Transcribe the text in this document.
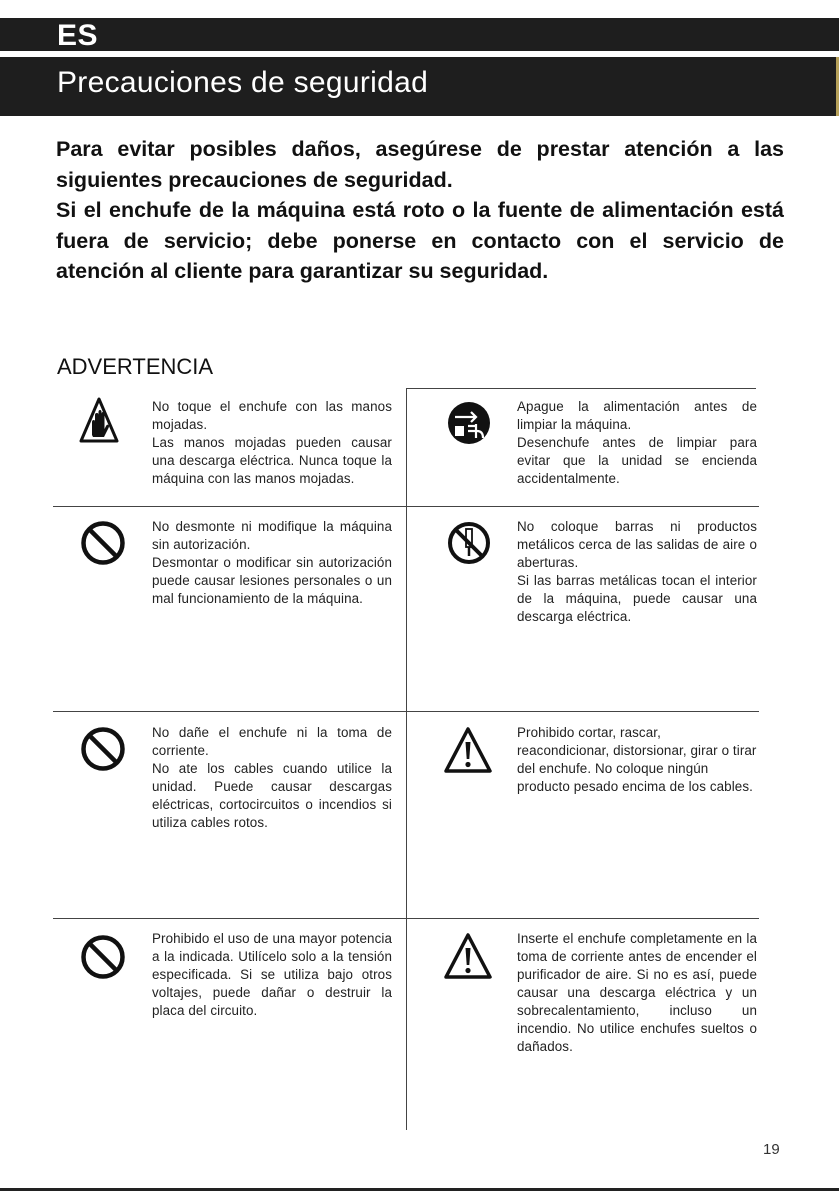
ES
Precauciones de seguridad

Para evitar posibles daños, asegúrese de prestar atención a las siguientes precauciones de seguridad.

Si el enchufe de la máquina está roto o la fuente de alimentación está fuera de servicio; debe ponerse en contacto con el servicio de atención al cliente para garantizar su seguridad.

ADVERTENCIA

No toque el enchufe con las manos mojadas.

Las manos mojadas pueden causar una descarga eléctrica. Nunca toque la máquina con las manos mojadas.

Apague la alimentación antes de limpiar la máquina.

Desenchufe antes de limpiar para evitar que la unidad se encienda accidentalmente.

No desmonte ni modifique la máquina sin autorización.

Desmontar o modificar sin autorización puede causar lesiones personales o un mal funcionamiento de la máquina.

No coloque barras ni productos metálicos cerca de las salidas de aire o aberturas.

Si las barras metálicas tocan el interior de la máquina, puede causar una descarga eléctrica.

No dañe el enchufe ni la toma de corriente.

No ate los cables cuando utilice la unidad. Puede causar descargas eléctricas, cortocircuitos o incendios si utiliza cables rotos.

Prohibido cortar, rascar, reacondicionar, distorsionar, girar o tirar del enchufe. No coloque ningún producto pesado encima de los cables.

Prohibido el uso de una mayor potencia a la indicada. Utilícelo solo a la tensión especificada. Si se utiliza bajo otros voltajes, puede dañar o destruir la placa del circuito.

Inserte el enchufe completamente en la toma de corriente antes de encender el purificador de aire. Si no es así, puede causar una descarga eléctrica y un sobrecalentamiento, incluso un incendio. No utilice enchufes sueltos o dañados.

19
